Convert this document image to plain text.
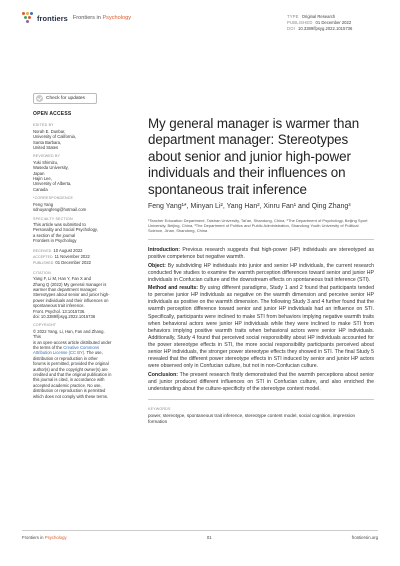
frontiers Frontiers in Psychology	TYPE Original Research
PUBLISHED 01 December 2022
DOI 10.3389/fpsyg.2022.1015736
Check for updates
OPEN ACCESS
EDITED BY
Norah E. Dunbar,
University of California,
Santa Barbara,
United States
REVIEWED BY
Yuki Shimizu,
Waseda University,
Japan
Hajin Lee,
University of Alberta,
Canada
*CORRESPONDENCE
Feng Yang
sdnuyangfeng@hotmail.com
SPECIALTY SECTION
This article was submitted to
Personality and Social Psychology,
a section of the journal
Frontiers in Psychology
RECEIVED 10 August 2022
ACCEPTED 11 November 2022
PUBLISHED 01 December 2022
CITATION
Yang F, Li M, Han Y, Fan X and
Zhang Q (2022) My general manager is
warmer than department manager:
Stereotypes about senior and junior high-
power individuals and their influences on
spontaneous trait inference.
Front. Psychol. 13:1015736.
doi: 10.3389/fpsyg.2022.1015736
COPYRIGHT
© 2022 Yang, Li, Han, Fan and Zhang. This
is an open-access article distributed under
the terms of the Creative Commons
Attribution License (CC BY). The use,
distribution or reproduction in other
forums is permitted, provided the original
author(s) and the copyright owner(s) are
credited and that the original publication in
this journal is cited, in accordance with
accepted academic practice. No use,
distribution or reproduction is permitted
which does not comply with these terms.
My general manager is warmer than department manager: Stereotypes about senior and junior high-power individuals and their influences on spontaneous trait inference
Feng Yang¹*, Minyan Li², Yang Han², Xinru Fan¹ and Qing Zhang³
¹Teacher Education Department, Taishan University, Tai'an, Shandong, China, ²The Department of Psychology, Beijing Sport University, Beijing, China, ³The Department of Politics and Public Administration, Shandong Youth University of Political Science, Jinan, Shandong, China

Introduction: Previous research suggests that high-power (HP) individuals are stereotyped as positive competence but negative warmth.

Object: By subdividing HP individuals into junior and senior HP individuals, the current research conducted five studies to examine the warmth perception differences toward senior and junior HP individuals in Confucian culture and the downstream effects on spontaneous trait inference (STI).

Method and results: By using different paradigms, Study 1 and 2 found that participants tended to perceive junior HP individuals as negative on the warmth dimension and perceive senior HP individuals as positive on the warmth dimension. The following Study 3 and 4 further found that the warmth perception difference toward senior and junior HP individuals had an influence on STI. Specifically, participants were inclined to make STI from behaviors implying negative warmth traits when behavioral actors were junior HP individuals while they were inclined to make STI from behaviors implying positive warmth traits when behavioral actors were senior HP individuals. Additionally, Study 4 found that perceived social responsibility about HP individuals accounted for the power stereotype effects in STI, the more social responsibility participants perceived about senior HP individuals, the stronger power stereotype effects they showed in STI. The final Study 5 revealed that the different power stereotype effects in STI induced by senior and junior HP actors were observed only in Confucian culture, but not in non-Confucian culture.

Conclusion: The present research firstly demonstrated that the warmth perceptions about senior and junior produced different influences on STI in Confucian culture, and also enriched the understanding about the culture-specificity of the stereotype content model.

KEYWORDS
power, stereotype, spontaneous trait inference, stereotype content model, social cognition, impression formation
Frontiers in Psychology	01	frontiersin.org
